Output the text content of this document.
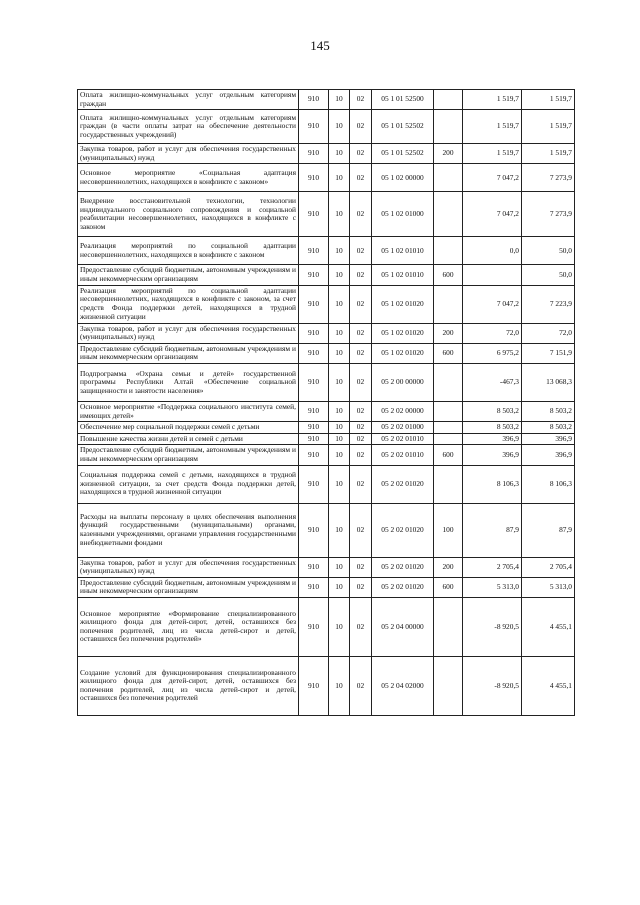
145
Оплата жилищно-коммунальных услуг отдельным категориям граждан	910	10	02	05 1 01 52500		1 519,7	1 519,7
Оплата жилищно-коммунальных услуг отдельным категориям граждан (в части оплаты затрат на обеспечение деятельности государственных учреждений)	910	10	02	05 1 01 52502		1 519,7	1 519,7
Закупка товаров, работ и услуг для обеспечения государственных (муниципальных) нужд	910	10	02	05 1 01 52502	200	1 519,7	1 519,7
Основное мероприятие «Социальная адаптация несовершеннолетних, находящихся в конфликте с законом»	910	10	02	05 1 02 00000		7 047,2	7 273,9
Внедрение восстановительной технологии, технологии индивидуального социального сопровождения и социальной реабилитации несовершеннолетних, находящихся в конфликте с законом	910	10	02	05 1 02 01000		7 047,2	7 273,9
Реализация мероприятий по социальной адаптации несовершеннолетних, находящихся в конфликте с законом	910	10	02	05 1 02 01010		0,0	50,0
Предоставление субсидий бюджетным, автономным учреждениям и иным некоммерческим организациям	910	10	02	05 1 02 01010	600		50,0
Реализация мероприятий по социальной адаптации несовершеннолетних, находящихся в конфликте с законом, за счет средств Фонда поддержки детей, находящихся в трудной жизненной ситуации	910	10	02	05 1 02 01020		7 047,2	7 223,9
Закупка товаров, работ и услуг для обеспечения государственных (муниципальных) нужд	910	10	02	05 1 02 01020	200	72,0	72,0
Предоставление субсидий бюджетным, автономным учреждениям и иным некоммерческим организациям	910	10	02	05 1 02 01020	600	6 975,2	7 151,9
Подпрограмма «Охрана семьи и детей» государственной программы Республики Алтай «Обеспечение социальной защищенности и занятости населения»	910	10	02	05 2 00 00000		-467,3	13 068,3
Основное мероприятие «Поддержка социального института семей, имеющих детей»	910	10	02	05 2 02 00000		8 503,2	8 503,2
Обеспечение мер социальной поддержки семей с детьми	910	10	02	05 2 02 01000		8 503,2	8 503,2
Повышение качества жизни детей и семей с детьми	910	10	02	05 2 02 01010		396,9	396,9
Предоставление субсидий бюджетным, автономным учреждениям и иным некоммерческим организациям	910	10	02	05 2 02 01010	600	396,9	396,9
Социальная поддержка семей с детьми, находящихся в трудной жизненной ситуации, за счет средств Фонда поддержки детей, находящихся в трудной жизненной ситуации	910	10	02	05 2 02 01020		8 106,3	8 106,3
Расходы на выплаты персоналу в целях обеспечения выполнения функций государственными (муниципальными) органами, казенными учреждениями, органами управления государственными внебюджетными фондами	910	10	02	05 2 02 01020	100	87,9	87,9
Закупка товаров, работ и услуг для обеспечения государственных (муниципальных) нужд	910	10	02	05 2 02 01020	200	2 705,4	2 705,4
Предоставление субсидий бюджетным, автономным учреждениям и иным некоммерческим организациям	910	10	02	05 2 02 01020	600	5 313,0	5 313,0
Основное мероприятие «Формирование специализированного жилищного фонда для детей-сирот, детей, оставшихся без попечения родителей, лиц из числа детей-сирот и детей, оставшихся без попечения родителей»	910	10	02	05 2 04 00000		-8 920,5	4 455,1
Создание условий для функционирования специализированного жилищного фонда для детей-сирот, детей, оставшихся без попечения родителей, лиц из числа детей-сирот и детей, оставшихся без попечения родителей	910	10	02	05 2 04 02000		-8 920,5	4 455,1
